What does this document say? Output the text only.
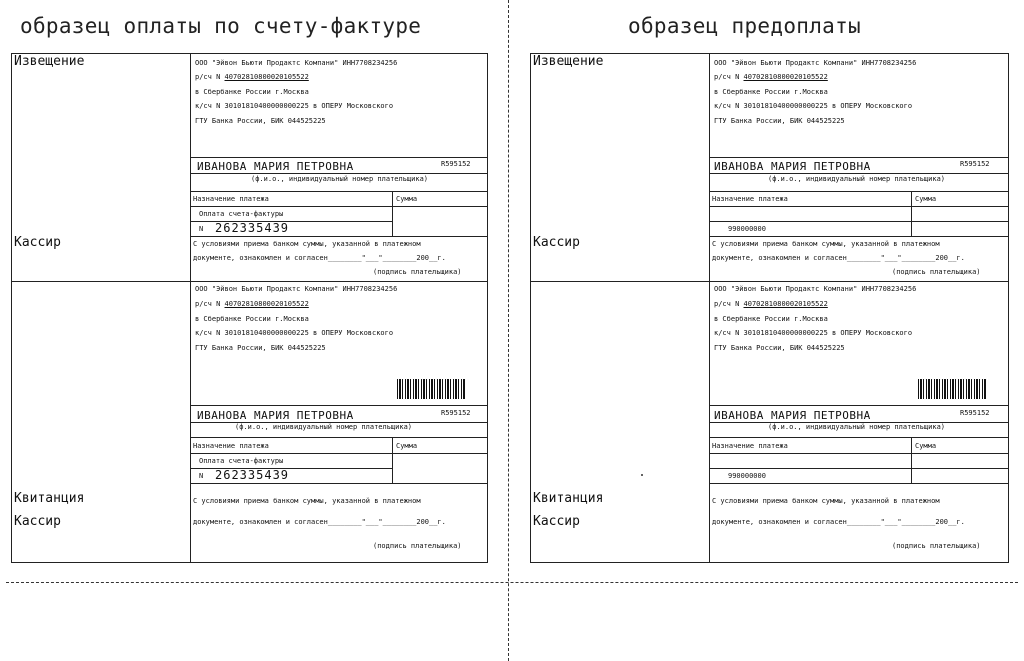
образец оплаты по счету-фактуре	образец предоплаты
Извещение
Кассир
Квитанция
Кассир
ООО "Эйвон Бьюти Продактс Компани" ИНН7708234256
р/сч N 40702810800020105522
в Сбербанке России г.Москва
к/сч N 30101810400000000225 в ОПЕРУ Московского
ГТУ Банка России, БИК 044525225
ИВАНОВА МАРИЯ ПЕТРОВНА	R595152
(ф.и.о., индивидуальный номер плательщика)
Назначение платежа	Сумма
Оплата счета-фактуры
N 262335439
С условиями приема банком суммы, указанной в платежном
документе, ознакомлен и согласен________"___"________200__г.
(подпись плательщика)
ООО "Эйвон Бьюти Продактс Компани" ИНН7708234256
р/сч N 40702810800020105522
в Сбербанке России г.Москва
к/сч N 30101810400000000225 в ОПЕРУ Московского
ГТУ Банка России, БИК 044525225
ИВАНОВА МАРИЯ ПЕТРОВНА	R595152
(ф.и.о., индивидуальный номер плательщика)
Назначение платежа	Сумма
Оплата счета-фактуры
N 262335439
С условиями приема банком суммы, указанной в платежном
документе, ознакомлен и согласен________"___"________200__г.
(подпись плательщика)
Извещение
Кассир
Квитанция
Кассир
ООО "Эйвон Бьюти Продактс Компани" ИНН7708234256
р/сч N 40702810800020105522
в Сбербанке России г.Москва
к/сч N 30101810400000000225 в ОПЕРУ Московского
ГТУ Банка России, БИК 044525225
ИВАНОВА МАРИЯ ПЕТРОВНА	R595152
(ф.и.о., индивидуальный номер плательщика)
Назначение платежа	Сумма
990000000
С условиями приема банком суммы, указанной в платежном
документе, ознакомлен и согласен________"___"________200__г.
(подпись плательщика)
ООО "Эйвон Бьюти Продактс Компани" ИНН7708234256
р/сч N 40702810800020105522
в Сбербанке России г.Москва
к/сч N 30101810400000000225 в ОПЕРУ Московского
ГТУ Банка России, БИК 044525225
ИВАНОВА МАРИЯ ПЕТРОВНА	R595152
(ф.и.о., индивидуальный номер плательщика)
Назначение платежа	Сумма
990000000
С условиями приема банком суммы, указанной в платежном
документе, ознакомлен и согласен________"___"________200__г.
(подпись плательщика)
